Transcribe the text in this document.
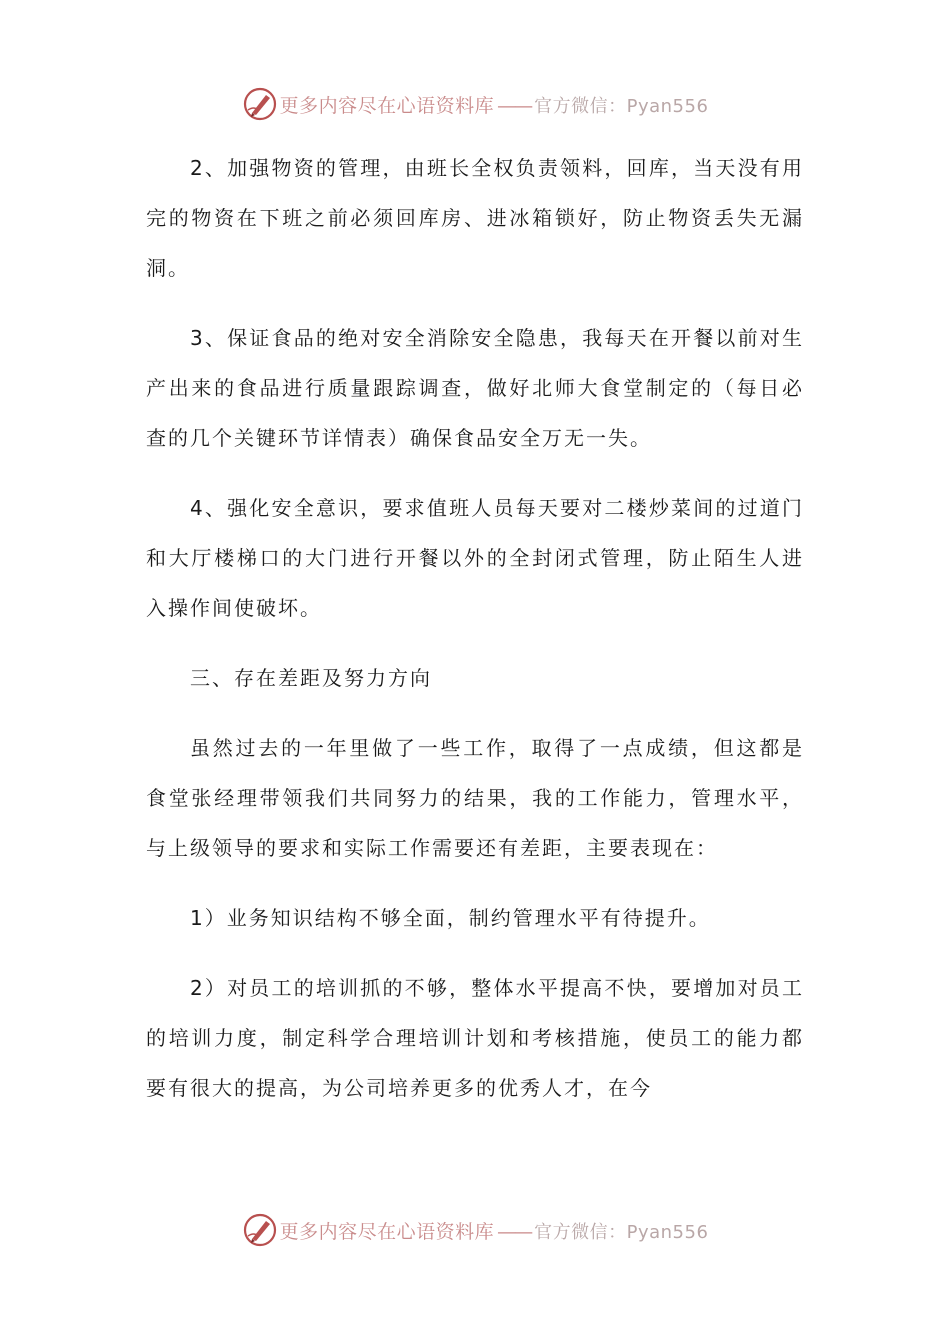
更多内容尽在心语资料库 —— 官方微信：Pyan556

2、加强物资的管理，由班长全权负责领料，回库，当天没有用完的物资在下班之前必须回库房、进冰箱锁好，防止物资丢失无漏洞。

3、保证食品的绝对安全消除安全隐患，我每天在开餐以前对生产出来的食品进行质量跟踪调查，做好北师大食堂制定的（每日必查的几个关键环节详情表）确保食品安全万无一失。

4、强化安全意识，要求值班人员每天要对二楼炒菜间的过道门和大厅楼梯口的大门进行开餐以外的全封闭式管理，防止陌生人进入操作间使破坏。

三、存在差距及努力方向

虽然过去的一年里做了一些工作，取得了一点成绩，但这都是食堂张经理带领我们共同努力的结果，我的工作能力，管理水平，与上级领导的要求和实际工作需要还有差距，主要表现在：

1）业务知识结构不够全面，制约管理水平有待提升。

2）对员工的培训抓的不够，整体水平提高不快，要增加对员工的培训力度，制定科学合理培训计划和考核措施，使员工的能力都要有很大的提高，为公司培养更多的优秀人才，在今

更多内容尽在心语资料库 —— 官方微信：Pyan556
